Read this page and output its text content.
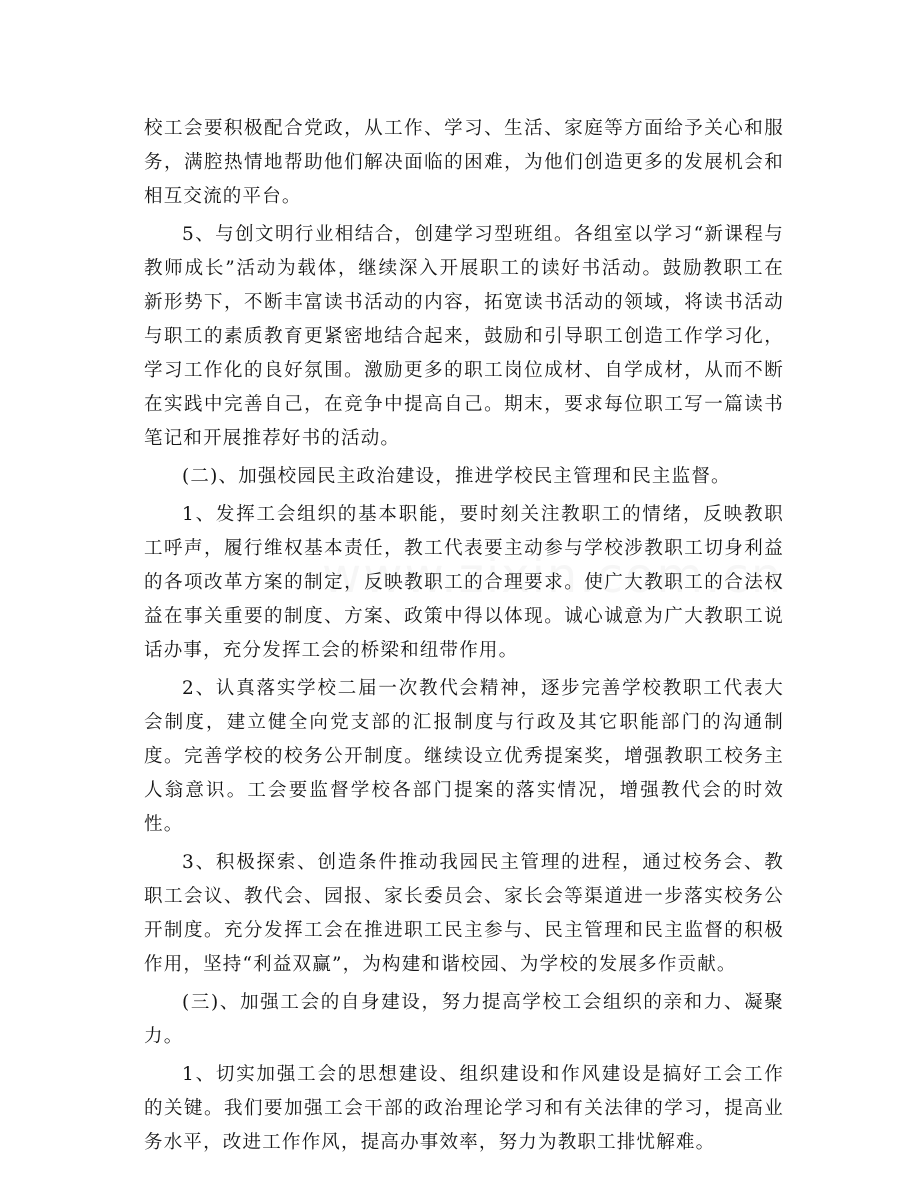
校工会要积极配合党政，从工作、学习、生活、家庭等方面给予关心和服务，满腔热情地帮助他们解决面临的困难，为他们创造更多的发展机会和相互交流的平台。

5、与创文明行业相结合，创建学习型班组。各组室以学习“新课程与教师成长”活动为载体，继续深入开展职工的读好书活动。鼓励教职工在新形势下，不断丰富读书活动的内容，拓宽读书活动的领域，将读书活动与职工的素质教育更紧密地结合起来，鼓励和引导职工创造工作学习化，学习工作化的良好氛围。激励更多的职工岗位成材、自学成材，从而不断在实践中完善自己，在竞争中提高自己。期末，要求每位职工写一篇读书笔记和开展推荐好书的活动。

(二)、加强校园民主政治建设，推进学校民主管理和民主监督。

1、发挥工会组织的基本职能，要时刻关注教职工的情绪，反映教职工呼声，履行维权基本责任，教工代表要主动参与学校涉教职工切身利益的各项改革方案的制定，反映教职工的合理要求。使广大教职工的合法权益在事关重要的制度、方案、政策中得以体现。诚心诚意为广大教职工说话办事，充分发挥工会的桥梁和纽带作用。

2、认真落实学校二届一次教代会精神，逐步完善学校教职工代表大会制度，建立健全向党支部的汇报制度与行政及其它职能部门的沟通制度。完善学校的校务公开制度。继续设立优秀提案奖，增强教职工校务主人翁意识。工会要监督学校各部门提案的落实情况，增强教代会的时效性。

3、积极探索、创造条件推动我园民主管理的进程，通过校务会、教职工会议、教代会、园报、家长委员会、家长会等渠道进一步落实校务公开制度。充分发挥工会在推进职工民主参与、民主管理和民主监督的积极作用，坚持“利益双赢”，为构建和谐校园、为学校的发展多作贡献。

(三)、加强工会的自身建设，努力提高学校工会组织的亲和力、凝聚力。

1、切实加强工会的思想建设、组织建设和作风建设是搞好工会工作的关键。我们要加强工会干部的政治理论学习和有关法律的学习，提高业务水平，改进工作作风，提高办事效率，努力为教职工排忧解难。
